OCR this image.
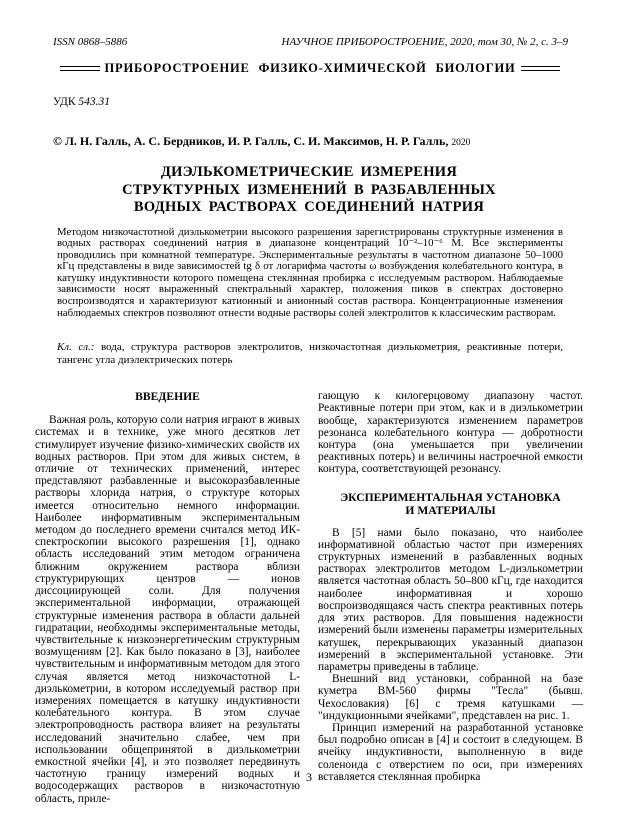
ISSN 0868–5886	НАУЧНОЕ ПРИБОРОСТРОЕНИЕ, 2020, том 30, № 2, с. 3–9
ПРИБОРОСТРОЕНИЕ ФИЗИКО-ХИМИЧЕСКОЙ БИОЛОГИИ
УДК 543.31
© Л. Н. Галль, А. С. Бердников, И. Р. Галль, С. И. Максимов, Н. Р. Галль, 2020
ДИЭЛЬКОМЕТРИЧЕСКИЕ ИЗМЕРЕНИЯ
СТРУКТУРНЫХ ИЗМЕНЕНИЙ В РАЗБАВЛЕННЫХ
ВОДНЫХ РАСТВОРАХ СОЕДИНЕНИЙ НАТРИЯ
Методом низкочастотной диэлькометрии высокого разрешения зарегистрированы структурные изменения в водных растворах соединений натрия в диапазоне концентраций 10⁻²–10⁻⁶ М. Все эксперименты проводились при комнатной температуре. Экспериментальные результаты в частотном диапазоне 50–1000 кГц представлены в виде зависимостей tg δ от логарифма частоты ω возбуждения колебательного контура, в катушку индуктивности которого помещена стеклянная пробирка с исследуемым раствором. Наблюдаемые зависимости носят выраженный спектральный характер, положения пиков в спектрах достоверно воспроизводятся и характеризуют катионный и анионный состав раствора. Концентрационные изменения наблюдаемых спектров позволяют отнести водные растворы солей электролитов к классическим растворам.
Кл. сл.: вода, структура растворов электролитов, низкочастотная диэлькометрия, реактивные потери, тангенс угла диэлектрических потерь
ВВЕДЕНИЕ

Важная роль, которую соли натрия играют в живых системах и в технике, уже много десятков лет стимулирует изучение физико-химических свойств их водных растворов. При этом для живых систем, в отличие от технических применений, интерес представляют разбавленные и высокоразбавленные растворы хлорида натрия, о структуре которых имеется относительно немного информации. Наиболее информативным экспериментальным методом до последнего времени считался метод ИК-спектроскопии высокого разрешения [1], однако область исследований этим методом ограничена ближним окружением раствора вблизи структурирующих центров — ионов диссоциирующей соли. Для получения экспериментальной информации, отражающей структурные изменения раствора в области дальней гидратации, необходимы экспериментальные методы, чувствительные к низкоэнергетическим структурным возмущениям [2]. Как было показано в [3], наиболее чувствительным и информативным методом для этого случая является метод низкочастотной L-диэлькометрии, в котором исследуемый раствор при измерениях помещается в катушку индуктивности колебательного контура. В этом случае электропроводность раствора влияет на результаты исследований значительно слабее, чем при использовании общепринятой в диэлькометрии емкостной ячейки [4], и это позволяет передвинуть частотную границу измерений водных и водосодержащих растворов в низкочастотную область, приле-

гающую к килогерцовому диапазону частот. Реактивные потери при этом, как и в диэлькометрии вообще, характеризуются изменением параметров резонанса колебательного контура — добротности контура (она уменьшается при увеличении реактивных потерь) и величины настроечной емкости контура, соответствующей резонансу.

ЭКСПЕРИМЕНТАЛЬНАЯ УСТАНОВКА
И МАТЕРИАЛЫ

В [5] нами было показано, что наиболее информативной областью частот при измерениях структурных изменений в разбавленных водных растворах электролитов методом L-диэлькометрии является частотная область 50–800 кГц, где находится наиболее информативная и хорошо воспроизводящаяся часть спектра реактивных потерь для этих растворов. Для повышения надежности измерений были изменены параметры измерительных катушек, перекрывающих указанный диапазон измерений в экспериментальной установке. Эти параметры приведены в таблице.

Внешний вид установки, собранной на базе куметра ВМ-560 фирмы "Тесла" (бывш. Чехословакия) [6] с тремя катушками — "индукционными ячейками", представлен на рис. 1.

Принцип измерений на разработанной установке был подробно описан в [4] и состоит в следующем. В ячейку индуктивности, выполненную в виде соленоида с отверстием по оси, при измерениях вставляется стеклянная пробирка

3
